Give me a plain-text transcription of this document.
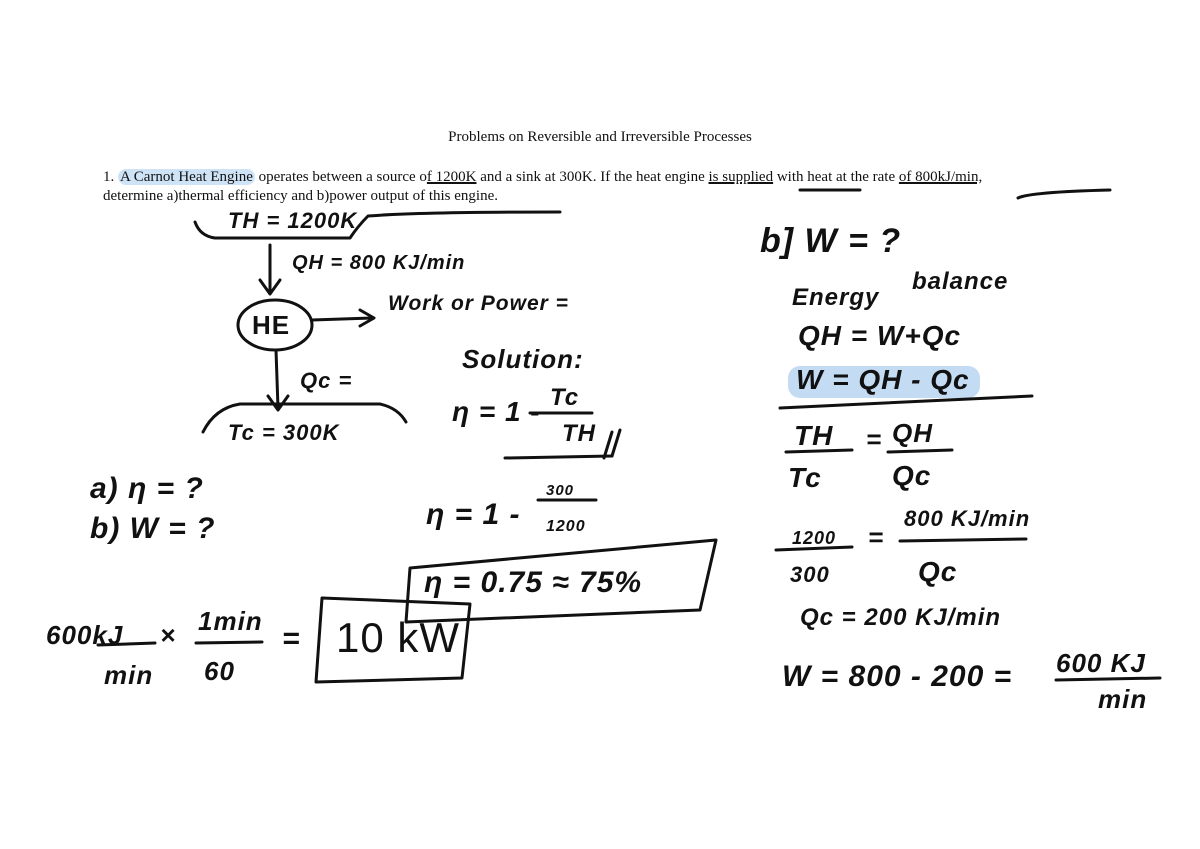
Problems on Reversible and Irreversible Processes
1. A Carnot Heat Engine operates between a source of 1200K and a sink at 300K. If the heat engine is supplied with heat at the rate of 800kJ/min,
determine a)thermal efficiency and b)power output of this engine.
TH = 1200K
QH = 800 KJ/min
HE
Work or Power =
Qc =
Tc = 300K
Solution:
η = 1 - Tc
TH
η = 1 -
300
1200
η = 0.75 ≈ 75%
a) η = ?
b) W = ?
600kJ
min
× 1min
60
= 10 kW
b] W = ?
Energy
balance
QH = W+Qc
W = QH - Qc
TH
Tc
= QH
Qc
1200
300
=
800 KJ/min
Qc
Qc = 200 KJ/min
W = 800 - 200 = 600 KJ
min
